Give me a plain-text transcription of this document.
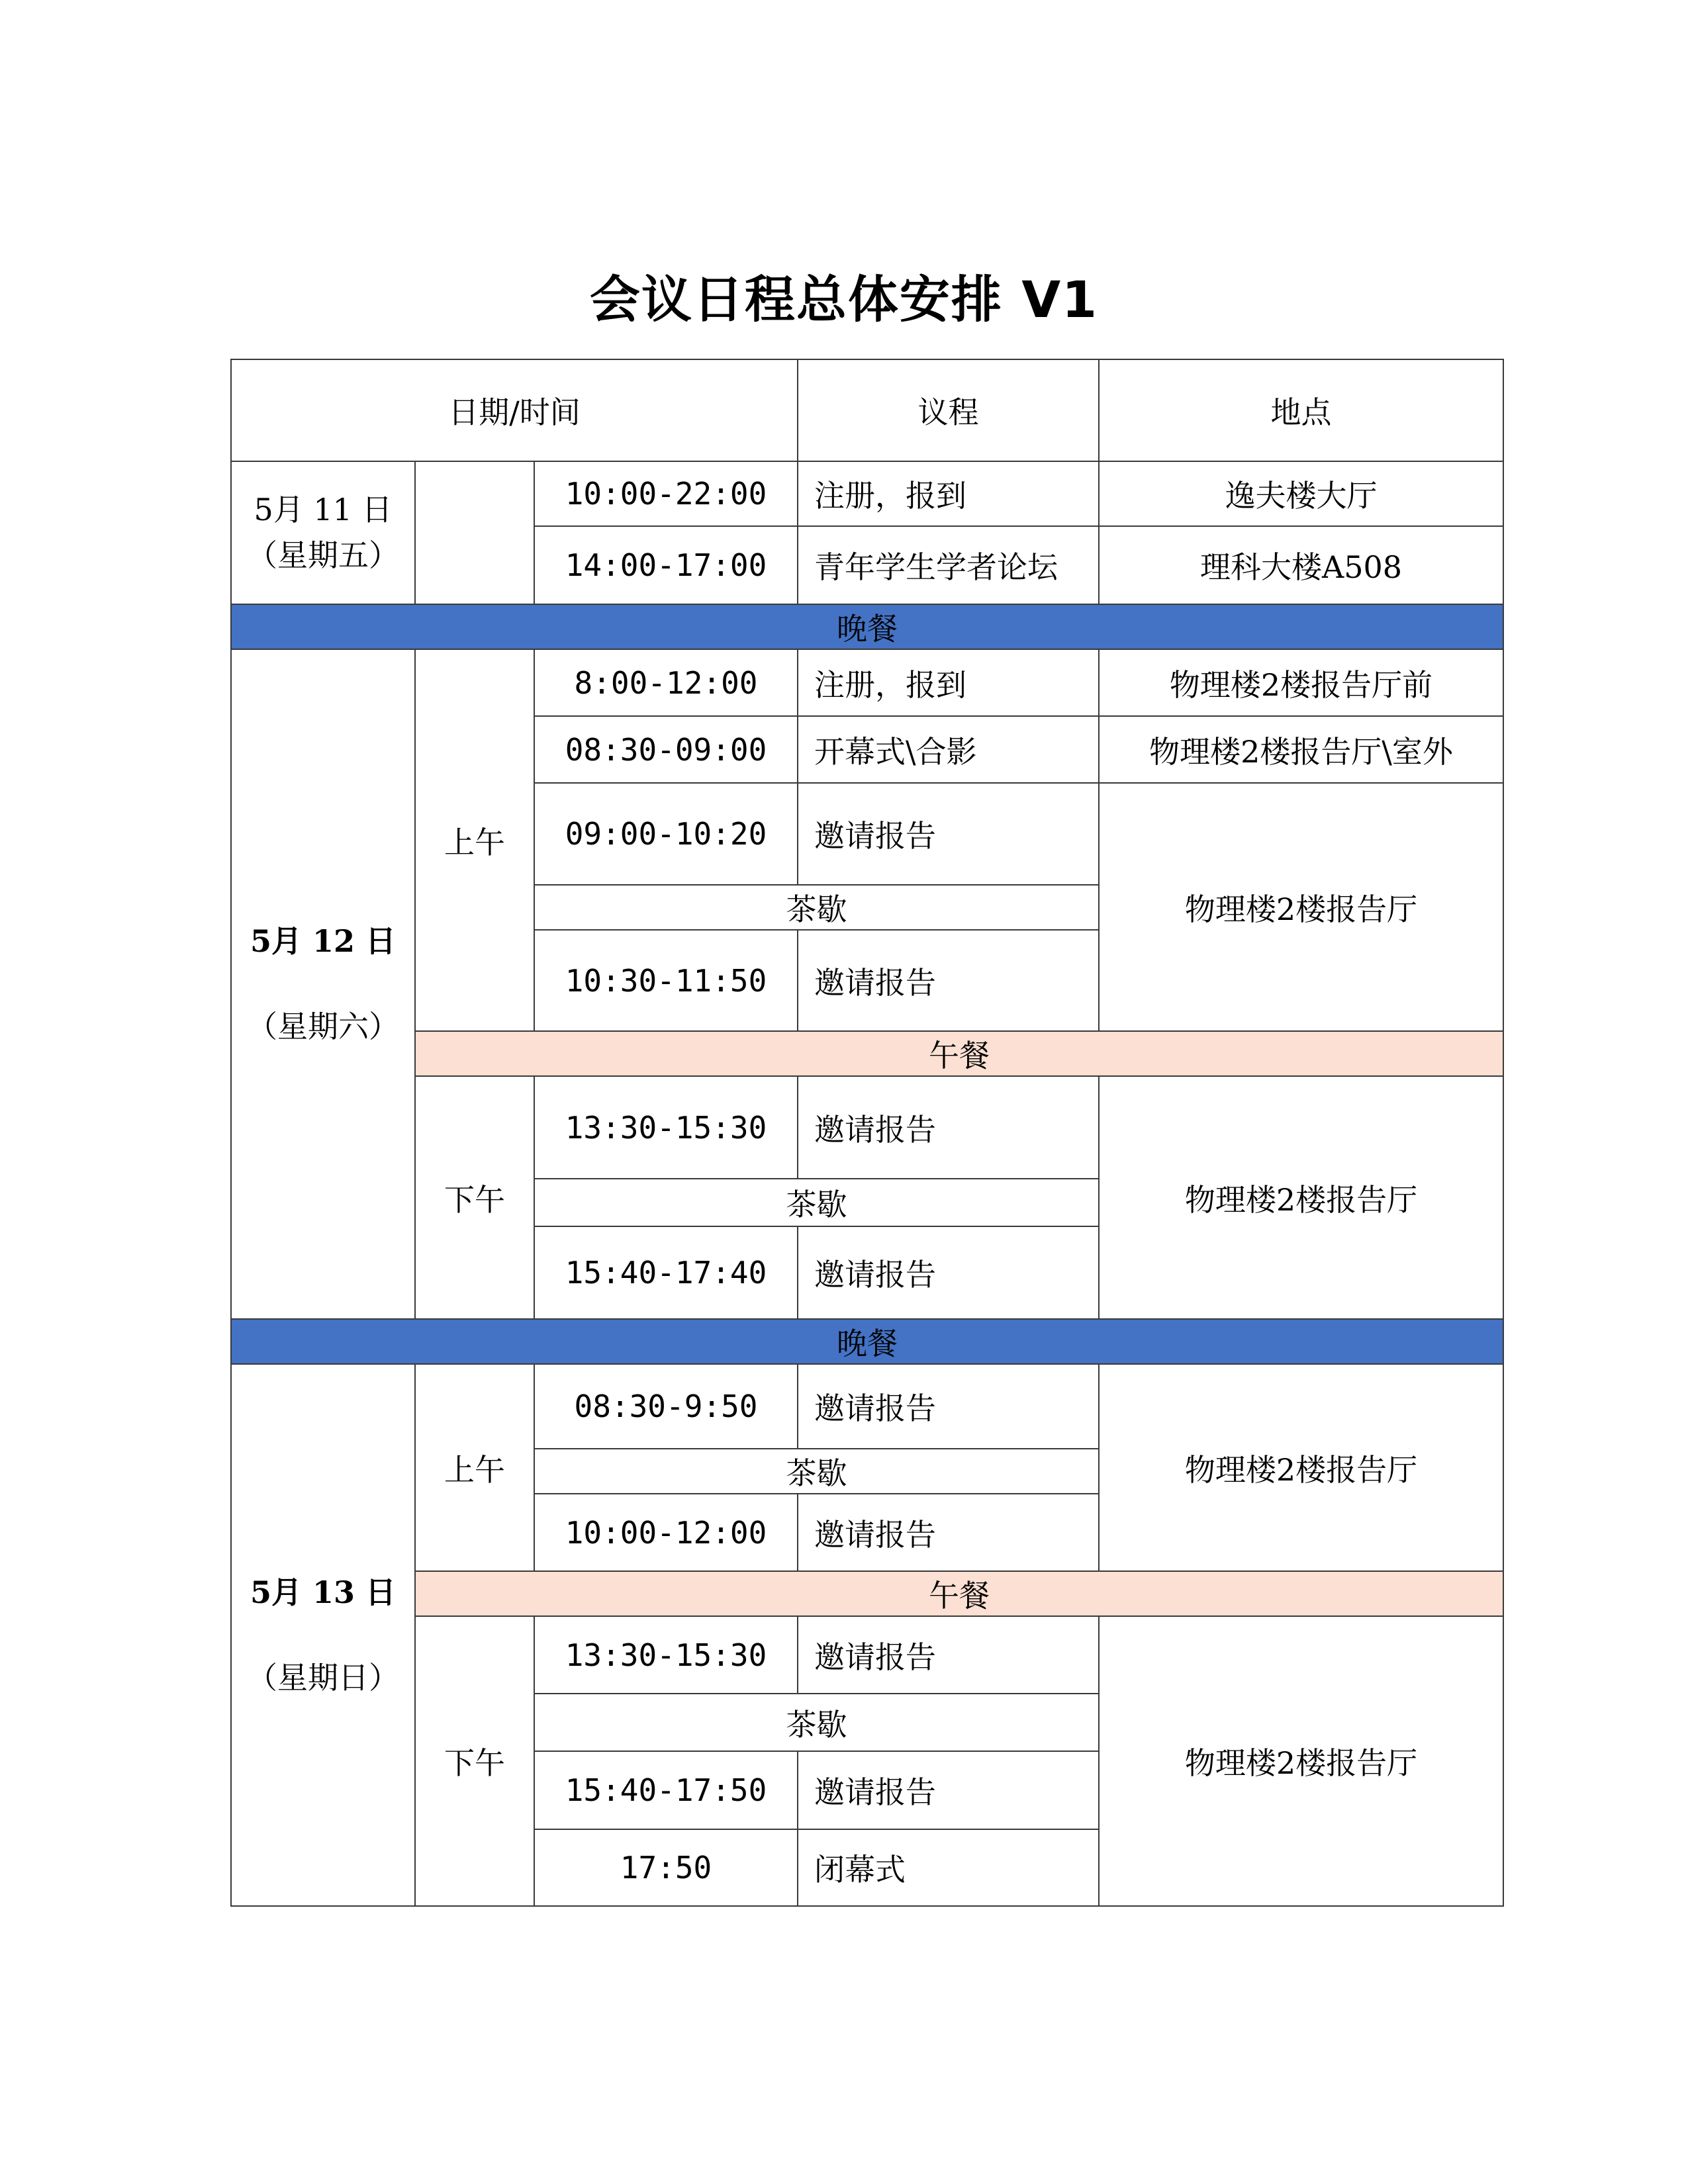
会议日程总体安排 V1
日期/时间			议程	地点

5月 11 日
（星期五）		10:00-22:00	注册，报到	逸夫楼大厅
		14:00-17:00	青年学生学者论坛	理科大楼A508
晚餐				

5月 12 日
（星期六）	上午	8:00-12:00	注册，报到	物理楼2楼报告厅前
		08:30-09:00	开幕式\合影	物理楼2楼报告厅\室外
		09:00-10:20	邀请报告	物理楼2楼报告厅
		茶歇		
		10:30-11:50	邀请报告	
	午餐			
	下午	13:30-15:30	邀请报告	物理楼2楼报告厅
		茶歇		
		15:40-17:40	邀请报告	
晚餐				

5月 13 日
（星期日）	上午	08:30-9:50	邀请报告	物理楼2楼报告厅
		茶歇		
		10:00-12:00	邀请报告	
	午餐			
	下午	13:30-15:30	邀请报告	物理楼2楼报告厅
		茶歇		
		15:40-17:50	邀请报告	
		17:50	闭幕式	
